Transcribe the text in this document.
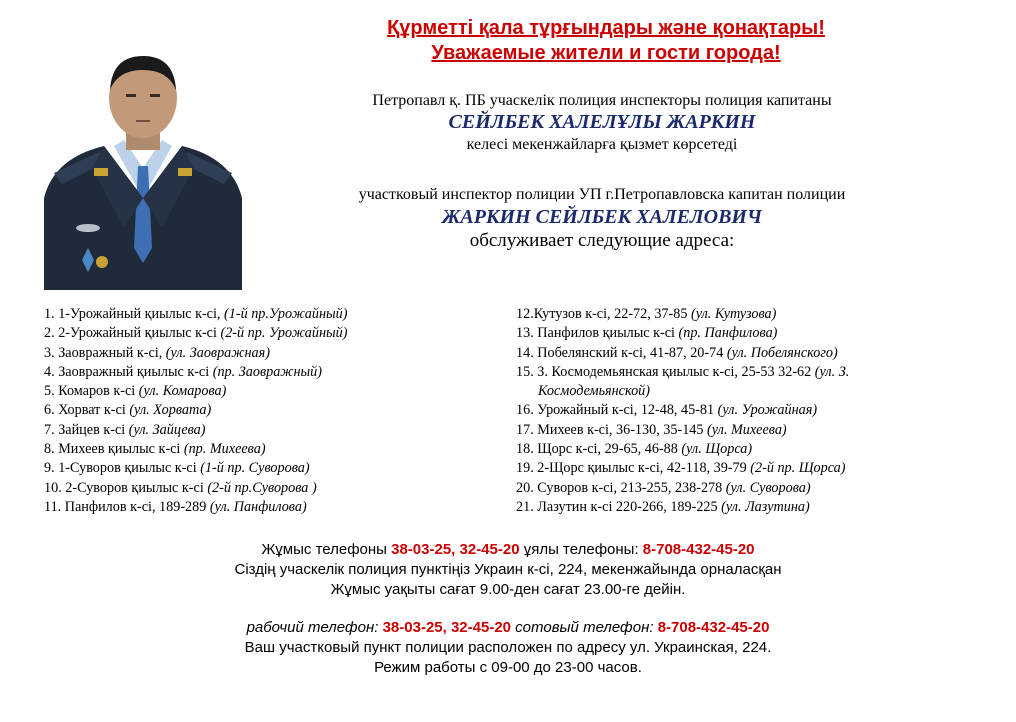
Құрметті қала тұрғындары және қонақтары!
Уважаемые жители и гости города!
Петропавл қ. ПБ учаскелік полиция инспекторы полиция капитаны
СЕЙЛБЕК ХАЛЕЛҰЛЫ ЖАРКИН
келесі мекенжайларға қызмет көрсетеді
участковый инспектор полиции УП г.Петропавловска капитан полиции
ЖАРКИН СЕЙЛБЕК ХАЛЕЛОВИЧ
обслуживает следующие адреса:
1. 1-Урожайный қиылыс к-сі, (1-й пр.Урожайный)
2. 2-Урожайный қиылыс к-сі (2-й пр. Урожайный)
3. Заовражный к-сі, (ул. Заовражная)
4. Заовражный қиылыс к-сі (пр. Заовражный)
5. Комаров к-сі (ул. Комарова)
6. Хорват к-сі (ул. Хорвата)
7. Зайцев к-сі (ул. Зайцева)
8. Михеев қиылыс к-сі (пр. Михеева)
9. 1-Суворов қиылыс к-сі (1-й пр. Суворова)
10. 2-Суворов қиылыс к-сі (2-й пр.Суворова )
11. Панфилов к-сі, 189-289 (ул. Панфилова)
12.Кутузов к-сі, 22-72, 37-85 (ул. Кутузова)
13. Панфилов қиылыс к-сі (пр. Панфилова)
14. Побелянский к-сі, 41-87, 20-74 (ул. Побелянского)
15. З. Космодемьянская қиылыс к-сі, 25-53 32-62 (ул. З.
Космодемьянской)
16. Урожайный к-сі, 12-48, 45-81 (ул. Урожайная)
17. Михеев к-сі, 36-130, 35-145 (ул. Михеева)
18. Щорс к-сі, 29-65, 46-88 (ул. Щорса)
19. 2-Щорс қиылыс к-сі, 42-118, 39-79 (2-й пр. Щорса)
20. Суворов к-сі, 213-255, 238-278 (ул. Суворова)
21. Лазутин к-сі 220-266, 189-225 (ул. Лазутина)
Жұмыс телефоны 38-03-25, 32-45-20 ұялы телефоны: 8-708-432-45-20
Сіздің учаскелік полиция пунктіңіз Украин к-сі, 224, мекенжайында орналасқан
Жұмыс уақыты сағат 9.00-ден сағат 23.00-ге дейін.
рабочий телефон: 38-03-25, 32-45-20 сотовый телефон: 8-708-432-45-20
Ваш участковый пункт полиции расположен по адресу ул. Украинская, 224.
Режим работы с 09-00 до 23-00 часов.
